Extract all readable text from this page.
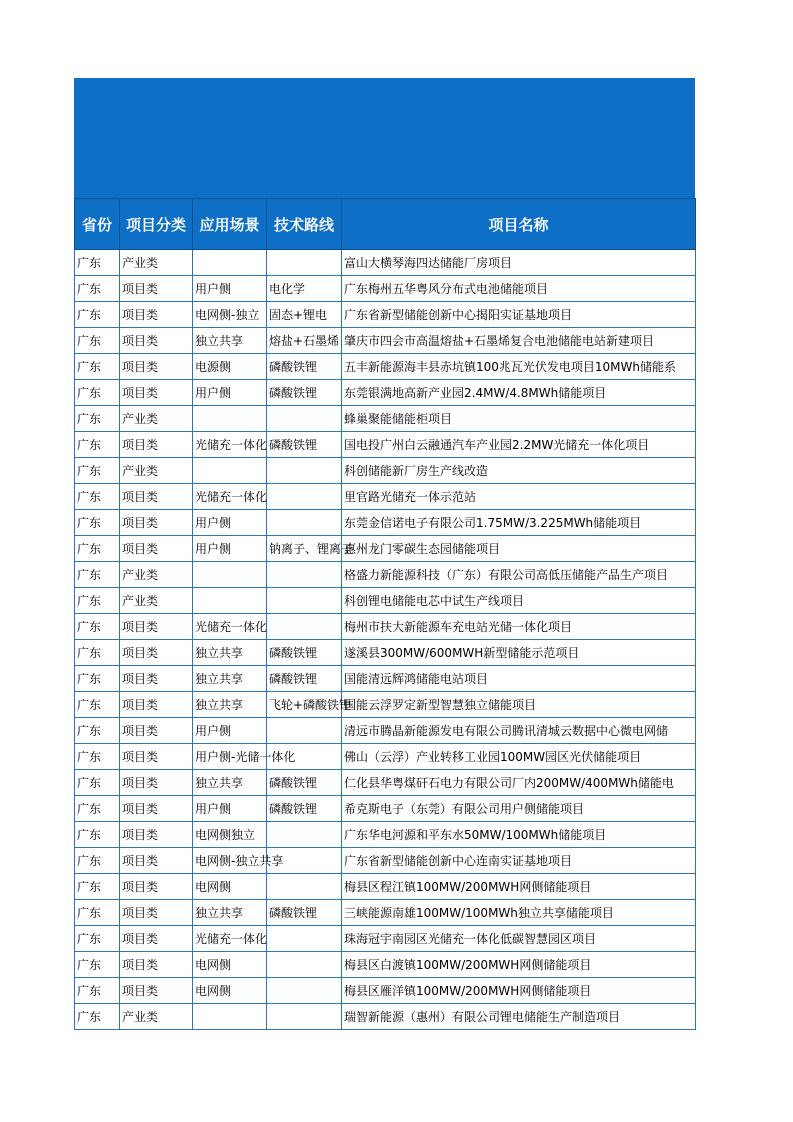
省份	项目分类	应用场景	技术路线	项目名称
广东	产业类			富山大横琴海四达储能厂房项目
广东	项目类	用户侧	电化学	广东梅州五华粤风分布式电池储能项目
广东	项目类	电网侧-独立	固态+锂电	广东省新型储能创新中心揭阳实证基地项目
广东	项目类	独立共享	熔盐+石墨烯	肇庆市四会市高温熔盐+石墨烯复合电池储能电站新建项目
广东	项目类	电源侧	磷酸铁锂	五丰新能源海丰县赤坑镇100兆瓦光伏发电项目10MWh储能系
广东	项目类	用户侧	磷酸铁锂	东莞银满地高新产业园2.4MW/4.8MWh储能项目
广东	产业类			蜂巢聚能储能柜项目
广东	项目类	光储充一体化	磷酸铁锂	国电投广州白云融通汽车产业园2.2MW光储充一体化项目
广东	产业类			科创储能新厂房生产线改造
广东	项目类	光储充一体化		里官路光储充一体示范站
广东	项目类	用户侧		东莞金信诺电子有限公司1.75MW/3.225MWh储能项目
广东	项目类	用户侧	钠离子、锂离子	惠州龙门零碳生态园储能项目
广东	产业类			格盛力新能源科技（广东）有限公司高低压储能产品生产项目
广东	产业类			科创锂电储能电芯中试生产线项目
广东	项目类	光储充一体化		梅州市扶大新能源车充电站光储一体化项目
广东	项目类	独立共享	磷酸铁锂	遂溪县300MW/600MWH新型储能示范项目
广东	项目类	独立共享	磷酸铁锂	国能清远辉鸿储能电站项目
广东	项目类	独立共享	飞轮+磷酸铁锂	国能云浮罗定新型智慧独立储能项目
广东	项目类	用户侧		清远市腾晶新能源发电有限公司腾讯清城云数据中心微电网储
广东	项目类	用户侧-光储一体化		佛山（云浮）产业转移工业园100MW园区光伏储能项目
广东	项目类	独立共享	磷酸铁锂	仁化县华粤煤矸石电力有限公司厂内200MW/400MWh储能电
广东	项目类	用户侧	磷酸铁锂	希克斯电子（东莞）有限公司用户侧储能项目
广东	项目类	电网侧独立		广东华电河源和平东水50MW/100MWh储能项目
广东	项目类	电网侧-独立共享		广东省新型储能创新中心连南实证基地项目
广东	项目类	电网侧		梅县区程江镇100MW/200MWH网侧储能项目
广东	项目类	独立共享	磷酸铁锂	三峡能源南雄100MW/100MWh独立共享储能项目
广东	项目类	光储充一体化		珠海冠宇南园区光储充一体化低碳智慧园区项目
广东	项目类	电网侧		梅县区白渡镇100MW/200MWH网侧储能项目
广东	项目类	电网侧		梅县区雁洋镇100MW/200MWH网侧储能项目
广东	产业类			瑞智新能源（惠州）有限公司锂电储能生产制造项目
